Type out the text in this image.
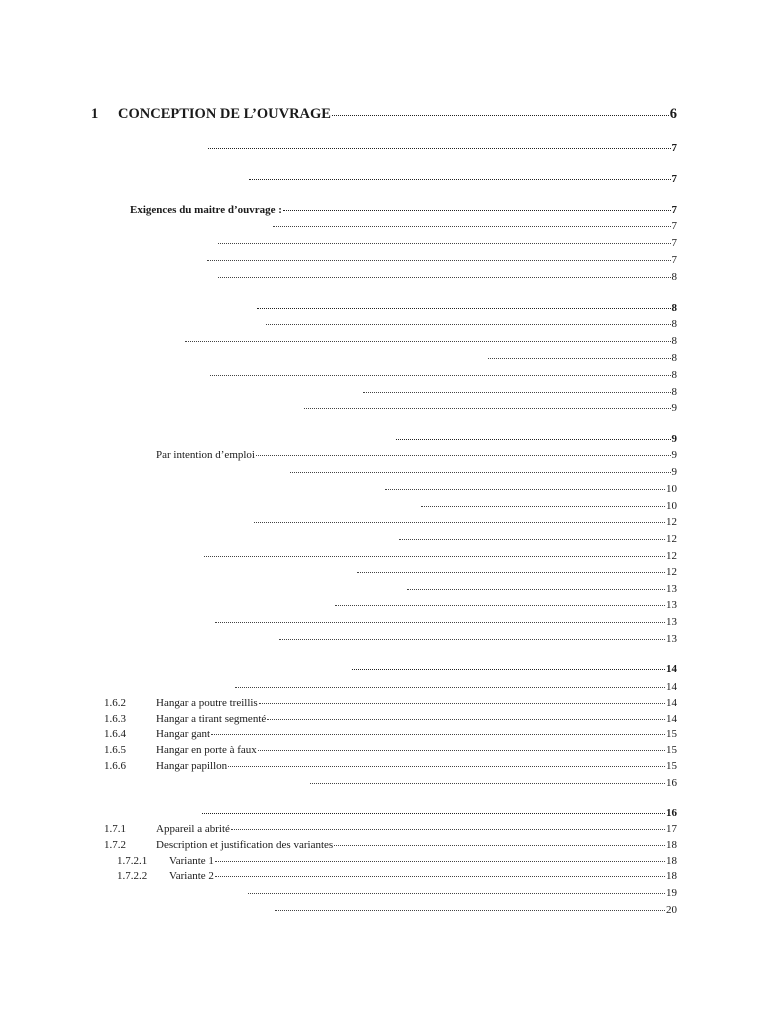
1	CONCEPTION DE L’OUVRAGE	6
7
7
Exigences du maitre d’ouvrage :	7
7
7
7
8
8
8
8
8
8
8
9
9
Par intention d’emploi	9
9
10
10
12
12
12
12
13
13
13
13
14
14
1.6.2	Hangar a poutre treillis	14
1.6.3	Hangar a tirant segmenté	14
1.6.4	Hangar gant	15
1.6.5	Hangar en porte à faux	15
1.6.6	Hangar papillon	15
16
16
1.7.1	Appareil a abrité	17
1.7.2	Description et justification des variantes	18
1.7.2.1	Variante 1	18
1.7.2.2	Variante 2	18
19
20
